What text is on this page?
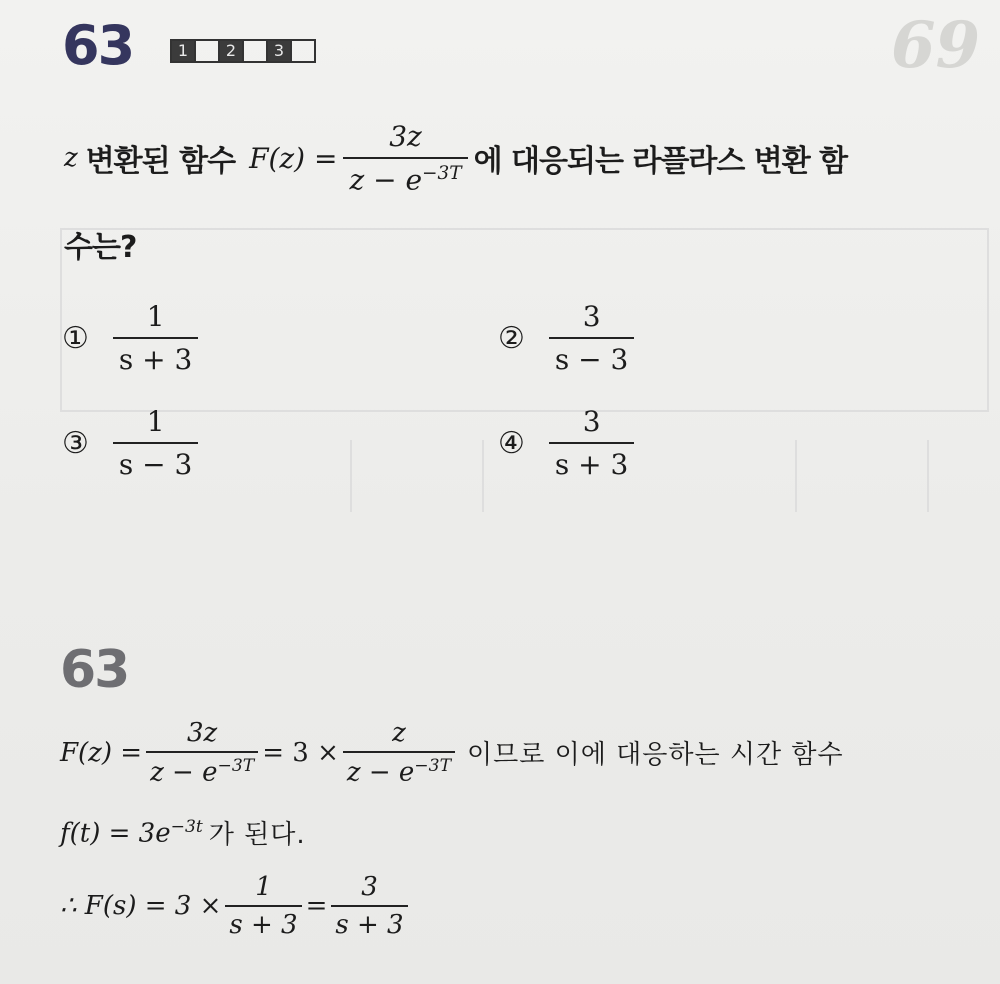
69
63	1	2	3
z 변환된 함수 $F(z) = \frac{3z}{z - e^{-3T}}$ 에 대응되는 라플라스 변환 함
수는?
① $\frac{1}{s + 3}$	② $\frac{3}{s - 3}$
③ $\frac{1}{s - 3}$	④ $\frac{3}{s + 3}$
63
$F(z) = \frac{3z}{z - e^{-3T}} = 3 \times \frac{z}{z - e^{-3T}}$ 이므로 이에 대응하는 시간 함수
$f(t) = 3e^{-3t}$ 가 된다.
∴ $F(s) = 3 \times \frac{1}{s + 3} = \frac{3}{s + 3}$
